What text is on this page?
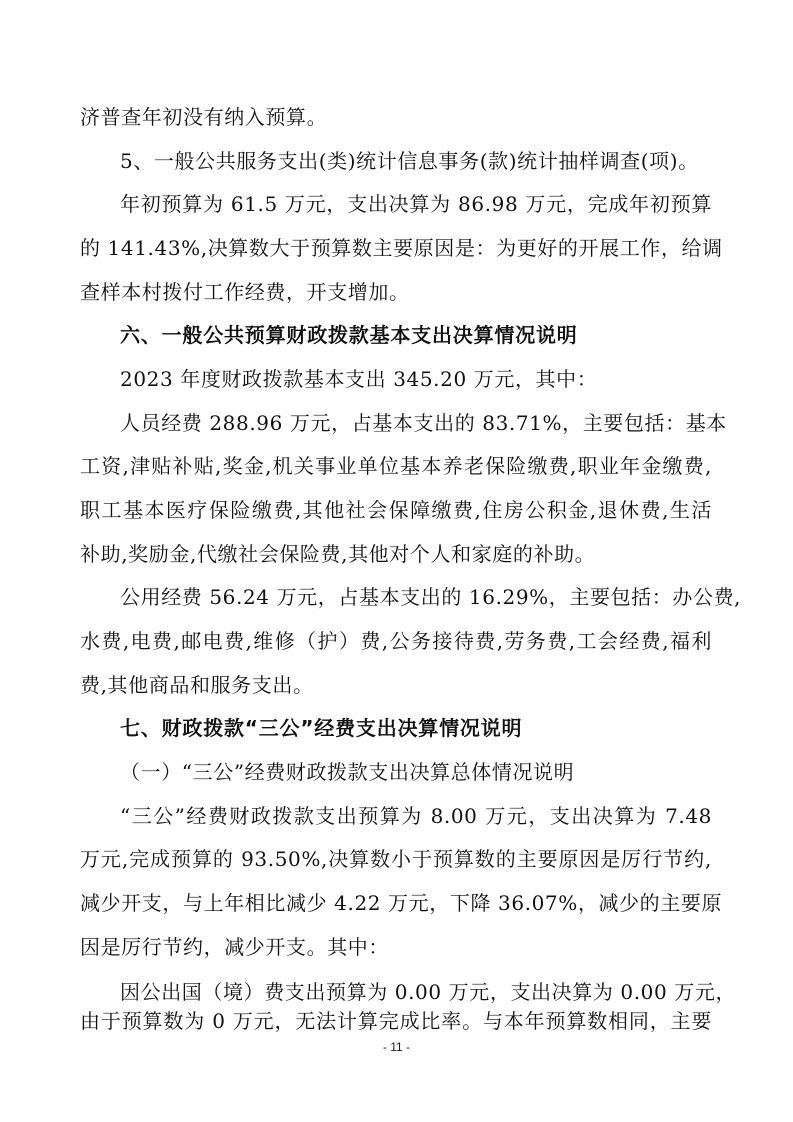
济普查年初没有纳入预算。
5、一般公共服务支出(类)统计信息事务(款)统计抽样调查(项)。
年初预算为 61.5 万元，支出决算为 86.98 万元，完成年初预算
的 141.43%,决算数大于预算数主要原因是：为更好的开展工作，给调
查样本村拨付工作经费，开支增加。
六、一般公共预算财政拨款基本支出决算情况说明
2023 年度财政拨款基本支出 345.20 万元，其中：
人员经费 288.96 万元，占基本支出的 83.71%，主要包括：基本
工资,津贴补贴,奖金,机关事业单位基本养老保险缴费,职业年金缴费,
职工基本医疗保险缴费,其他社会保障缴费,住房公积金,退休费,生活
补助,奖励金,代缴社会保险费,其他对个人和家庭的补助。
公用经费 56.24 万元，占基本支出的 16.29%，主要包括：办公费,
水费,电费,邮电费,维修（护）费,公务接待费,劳务费,工会经费,福利
费,其他商品和服务支出。
七、财政拨款“三公”经费支出决算情况说明
（一）“三公”经费财政拨款支出决算总体情况说明
“三公”经费财政拨款支出预算为 8.00 万元，支出决算为 7.48
万元,完成预算的 93.50%,决算数小于预算数的主要原因是厉行节约,
减少开支，与上年相比减少 4.22 万元，下降 36.07%，减少的主要原
因是厉行节约，减少开支。其中：
因公出国（境）费支出预算为 0.00 万元，支出决算为 0.00 万元，
由于预算数为 0 万元，无法计算完成比率。与本年预算数相同，主要
- 11 -
